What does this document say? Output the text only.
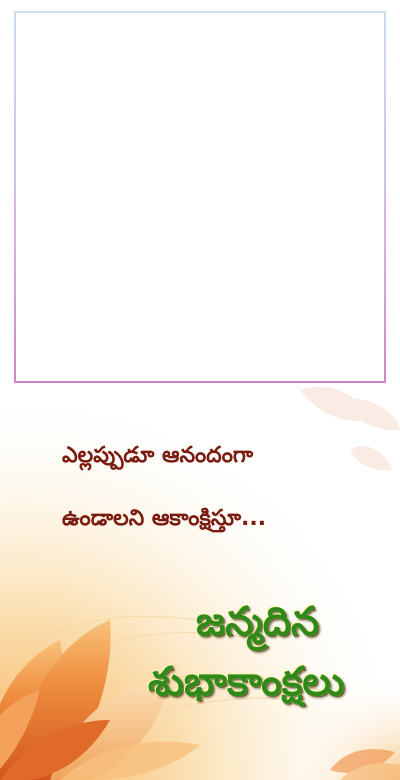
ఎల్లప్పుడూ ఆనందంగా

ఉండాలని ఆకాంక్షిస్తూ...

జన్మదిన

శుభాకాంక్షలు
